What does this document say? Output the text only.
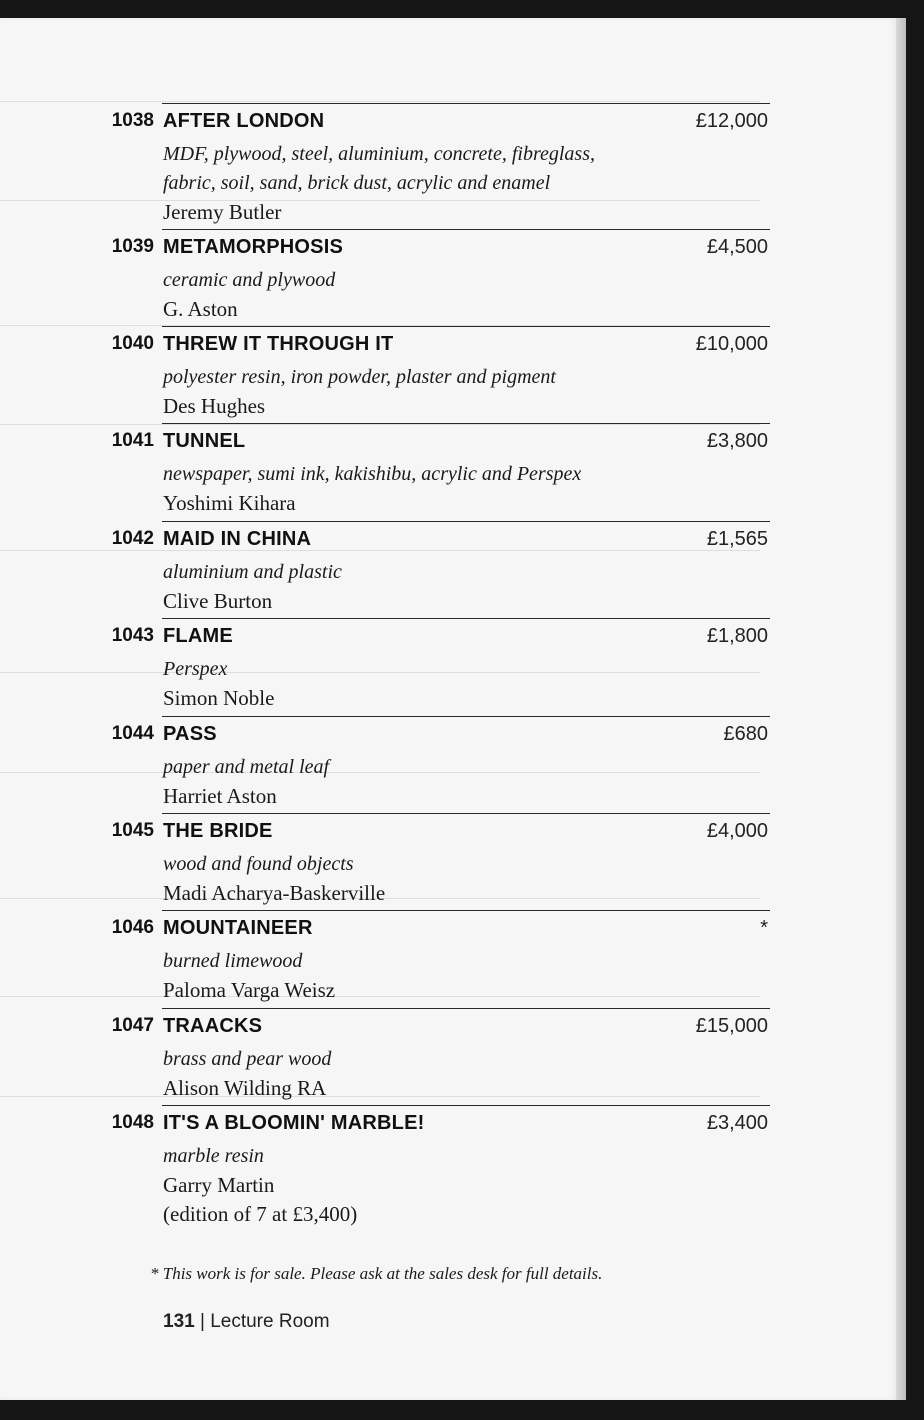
1038 AFTER LONDON	£12,000
MDF, plywood, steel, aluminium, concrete, fibreglass, fabric, soil, sand, brick dust, acrylic and enamel
Jeremy Butler
1039 METAMORPHOSIS	£4,500
ceramic and plywood
G. Aston
1040 THREW IT THROUGH IT	£10,000
polyester resin, iron powder, plaster and pigment
Des Hughes
1041 TUNNEL	£3,800
newspaper, sumi ink, kakishibu, acrylic and Perspex
Yoshimi Kihara
1042 MAID IN CHINA	£1,565
aluminium and plastic
Clive Burton
1043 FLAME	£1,800
Perspex
Simon Noble
1044 PASS	£680
paper and metal leaf
Harriet Aston
1045 THE BRIDE	£4,000
wood and found objects
Madi Acharya-Baskerville
1046 MOUNTAINEER	*
burned limewood
Paloma Varga Weisz
1047 TRAACKS	£15,000
brass and pear wood
Alison Wilding RA
1048 IT'S A BLOOMIN' MARBLE!	£3,400
marble resin
Garry Martin
(edition of 7 at £3,400)
* This work is for sale. Please ask at the sales desk for full details.
131 | Lecture Room
